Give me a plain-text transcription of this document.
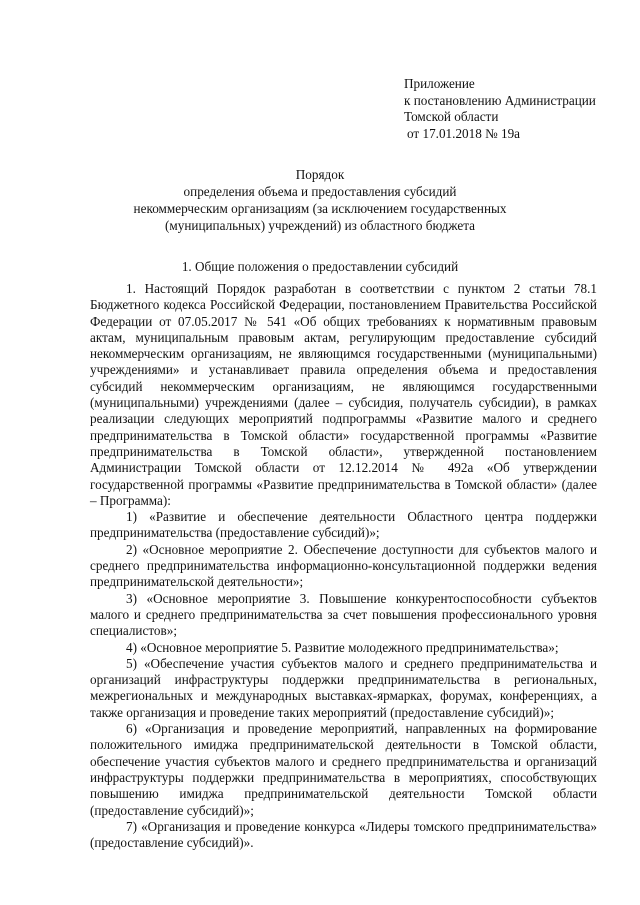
Приложение
к постановлению Администрации
Томской области
от 17.01.2018 № 19а
Порядок
определения объема и предоставления субсидий
некоммерческим организациям (за исключением государственных
(муниципальных) учреждений) из областного бюджета
1. Общие положения о предоставлении субсидий

1. Настоящий Порядок разработан в соответствии с пунктом 2 статьи 78.1 Бюджетного кодекса Российской Федерации, постановлением Правительства Российской Федерации от 07.05.2017 № 541 «Об общих требованиях к нормативным правовым актам, муниципальным правовым актам, регулирующим предоставление субсидий некоммерческим организациям, не являющимся государственными (муниципальными) учреждениями» и устанавливает правила определения объема и предоставления субсидий некоммерческим организациям, не являющимся государственными (муниципальными) учреждениями (далее – субсидия, получатель субсидии), в рамках реализации следующих мероприятий подпрограммы «Развитие малого и среднего предпринимательства в Томской области» государственной программы «Развитие предпринимательства в Томской области», утвержденной постановлением Администрации Томской области от 12.12.2014 № 492а «Об утверждении государственной программы «Развитие предпринимательства в Томской области» (далее – Программа):

1) «Развитие и обеспечение деятельности Областного центра поддержки предпринимательства (предоставление субсидий)»;

2) «Основное мероприятие 2. Обеспечение доступности для субъектов малого и среднего предпринимательства информационно-консультационной поддержки ведения предпринимательской деятельности»;

3) «Основное мероприятие 3. Повышение конкурентоспособности субъектов малого и среднего предпринимательства за счет повышения профессионального уровня специалистов»;

4) «Основное мероприятие 5. Развитие молодежного предпринимательства»;

5) «Обеспечение участия субъектов малого и среднего предпринимательства и организаций инфраструктуры поддержки предпринимательства в региональных, межрегиональных и международных выставках-ярмарках, форумах, конференциях, а также организация и проведение таких мероприятий (предоставление субсидий)»;

6) «Организация и проведение мероприятий, направленных на формирование положительного имиджа предпринимательской деятельности в Томской области, обеспечение участия субъектов малого и среднего предпринимательства и организаций инфраструктуры поддержки предпринимательства в мероприятиях, способствующих повышению имиджа предпринимательской деятельности Томской области (предоставление субсидий)»;

7) «Организация и проведение конкурса «Лидеры томского предпринимательства» (предоставление субсидий)».
